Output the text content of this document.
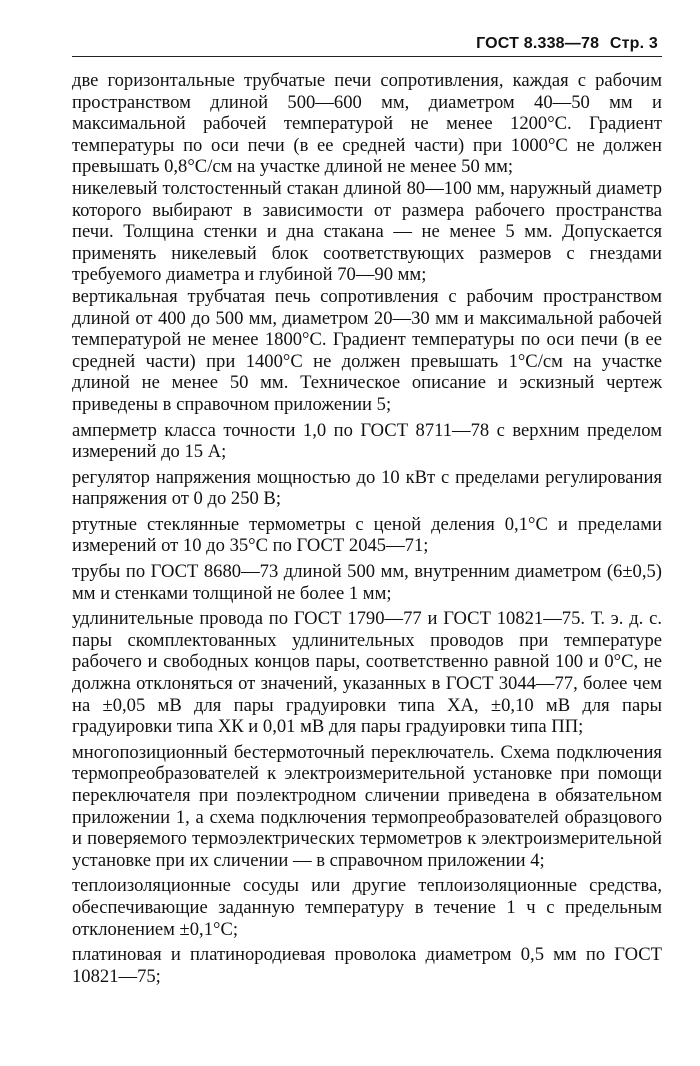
ГОСТ 8.338—78 Стр. 3

две горизонтальные трубчатые печи сопротивления, каждая с рабочим пространством длиной 500—600 мм, диаметром 40—50 мм и максимальной рабочей температурой не менее 1200°С. Градиент температуры по оси печи (в ее средней части) при 1000°С не должен превышать 0,8°С/см на участке длиной не менее 50 мм;

никелевый толстостенный стакан длиной 80—100 мм, наружный диаметр которого выбирают в зависимости от размера рабочего пространства печи. Толщина стенки и дна стакана — не менее 5 мм. Допускается применять никелевый блок соответствующих размеров с гнездами требуемого диаметра и глубиной 70—90 мм;

вертикальная трубчатая печь сопротивления с рабочим пространством длиной от 400 до 500 мм, диаметром 20—30 мм и максимальной рабочей температурой не менее 1800°С. Градиент температуры по оси печи (в ее средней части) при 1400°С не должен превышать 1°С/см на участке длиной не менее 50 мм. Техническое описание и эскизный чертеж приведены в справочном приложении 5;

амперметр класса точности 1,0 по ГОСТ 8711—78 с верхним пределом измерений до 15 А;

регулятор напряжения мощностью до 10 кВт с пределами регулирования напряжения от 0 до 250 В;

ртутные стеклянные термометры с ценой деления 0,1°С и пределами измерений от 10 до 35°С по ГОСТ 2045—71;

трубы по ГОСТ 8680—73 длиной 500 мм, внутренним диаметром (6±0,5) мм и стенками толщиной не более 1 мм;

удлинительные провода по ГОСТ 1790—77 и ГОСТ 10821—75. Т. э. д. с. пары скомплектованных удлинительных проводов при температуре рабочего и свободных концов пары, соответственно равной 100 и 0°С, не должна отклоняться от значений, указанных в ГОСТ 3044—77, более чем на ±0,05 мВ для пары градуировки типа ХА, ±0,10 мВ для пары градуировки типа ХК и 0,01 мВ для пары градуировки типа ПП;

многопозиционный бестермоточный переключатель. Схема подключения термопреобразователей к электроизмерительной установке при помощи переключателя при поэлектродном сличении приведена в обязательном приложении 1, а схема подключения термопреобразователей образцового и поверяемого термоэлектрических термометров к электроизмерительной установке при их сличении — в справочном приложении 4;

теплоизоляционные сосуды или другие теплоизоляционные средства, обеспечивающие заданную температуру в течение 1 ч с предельным отклонением ±0,1°С;

платиновая и платинородиевая проволока диаметром 0,5 мм по ГОСТ 10821—75;
